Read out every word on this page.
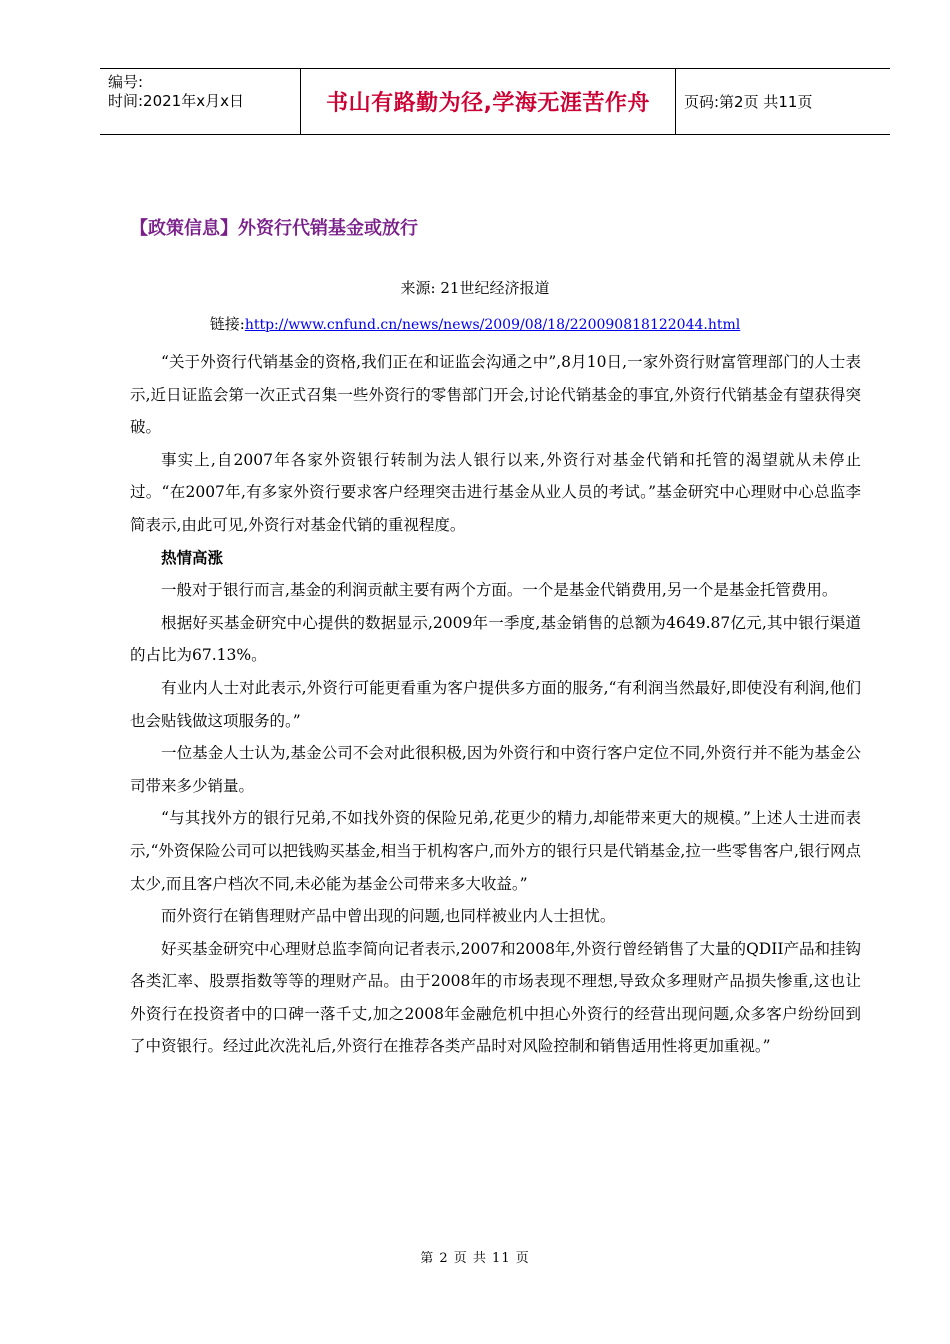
编号:
时间:2021年x月x日	书山有路勤为径,学海无涯苦作舟	页码:第2页 共11页
【政策信息】外资行代销基金或放行
来源: 21世纪经济报道
链接:http://www.cnfund.cn/news/news/2009/08/18/220090818122044.html

“关于外资行代销基金的资格,我们正在和证监会沟通之中”,8月10日,一家外资行财富管理部门的人士表示,近日证监会第一次正式召集一些外资行的零售部门开会,讨论代销基金的事宜,外资行代销基金有望获得突破。

事实上,自2007年各家外资银行转制为法人银行以来,外资行对基金代销和托管的渴望就从未停止过。“在2007年,有多家外资行要求客户经理突击进行基金从业人员的考试。”基金研究中心理财中心总监李简表示,由此可见,外资行对基金代销的重视程度。

热情高涨

一般对于银行而言,基金的利润贡献主要有两个方面。一个是基金代销费用,另一个是基金托管费用。

根据好买基金研究中心提供的数据显示,2009年一季度,基金销售的总额为4649.87亿元,其中银行渠道的占比为67.13%。

有业内人士对此表示,外资行可能更看重为客户提供多方面的服务,“有利润当然最好,即使没有利润,他们也会贴钱做这项服务的。”

一位基金人士认为,基金公司不会对此很积极,因为外资行和中资行客户定位不同,外资行并不能为基金公司带来多少销量。

“与其找外方的银行兄弟,不如找外资的保险兄弟,花更少的精力,却能带来更大的规模。”上述人士进而表示,“外资保险公司可以把钱购买基金,相当于机构客户,而外方的银行只是代销基金,拉一些零售客户,银行网点太少,而且客户档次不同,未必能为基金公司带来多大收益。”

而外资行在销售理财产品中曾出现的问题,也同样被业内人士担忧。

好买基金研究中心理财总监李简向记者表示,2007和2008年,外资行曾经销售了大量的QDII产品和挂钩各类汇率、股票指数等等的理财产品。由于2008年的市场表现不理想,导致众多理财产品损失惨重,这也让外资行在投资者中的口碑一落千丈,加之2008年金融危机中担心外资行的经营出现问题,众多客户纷纷回到了中资银行。经过此次洗礼后,外资行在推荐各类产品时对风险控制和销售适用性将更加重视。”

第 2 页 共 11 页
